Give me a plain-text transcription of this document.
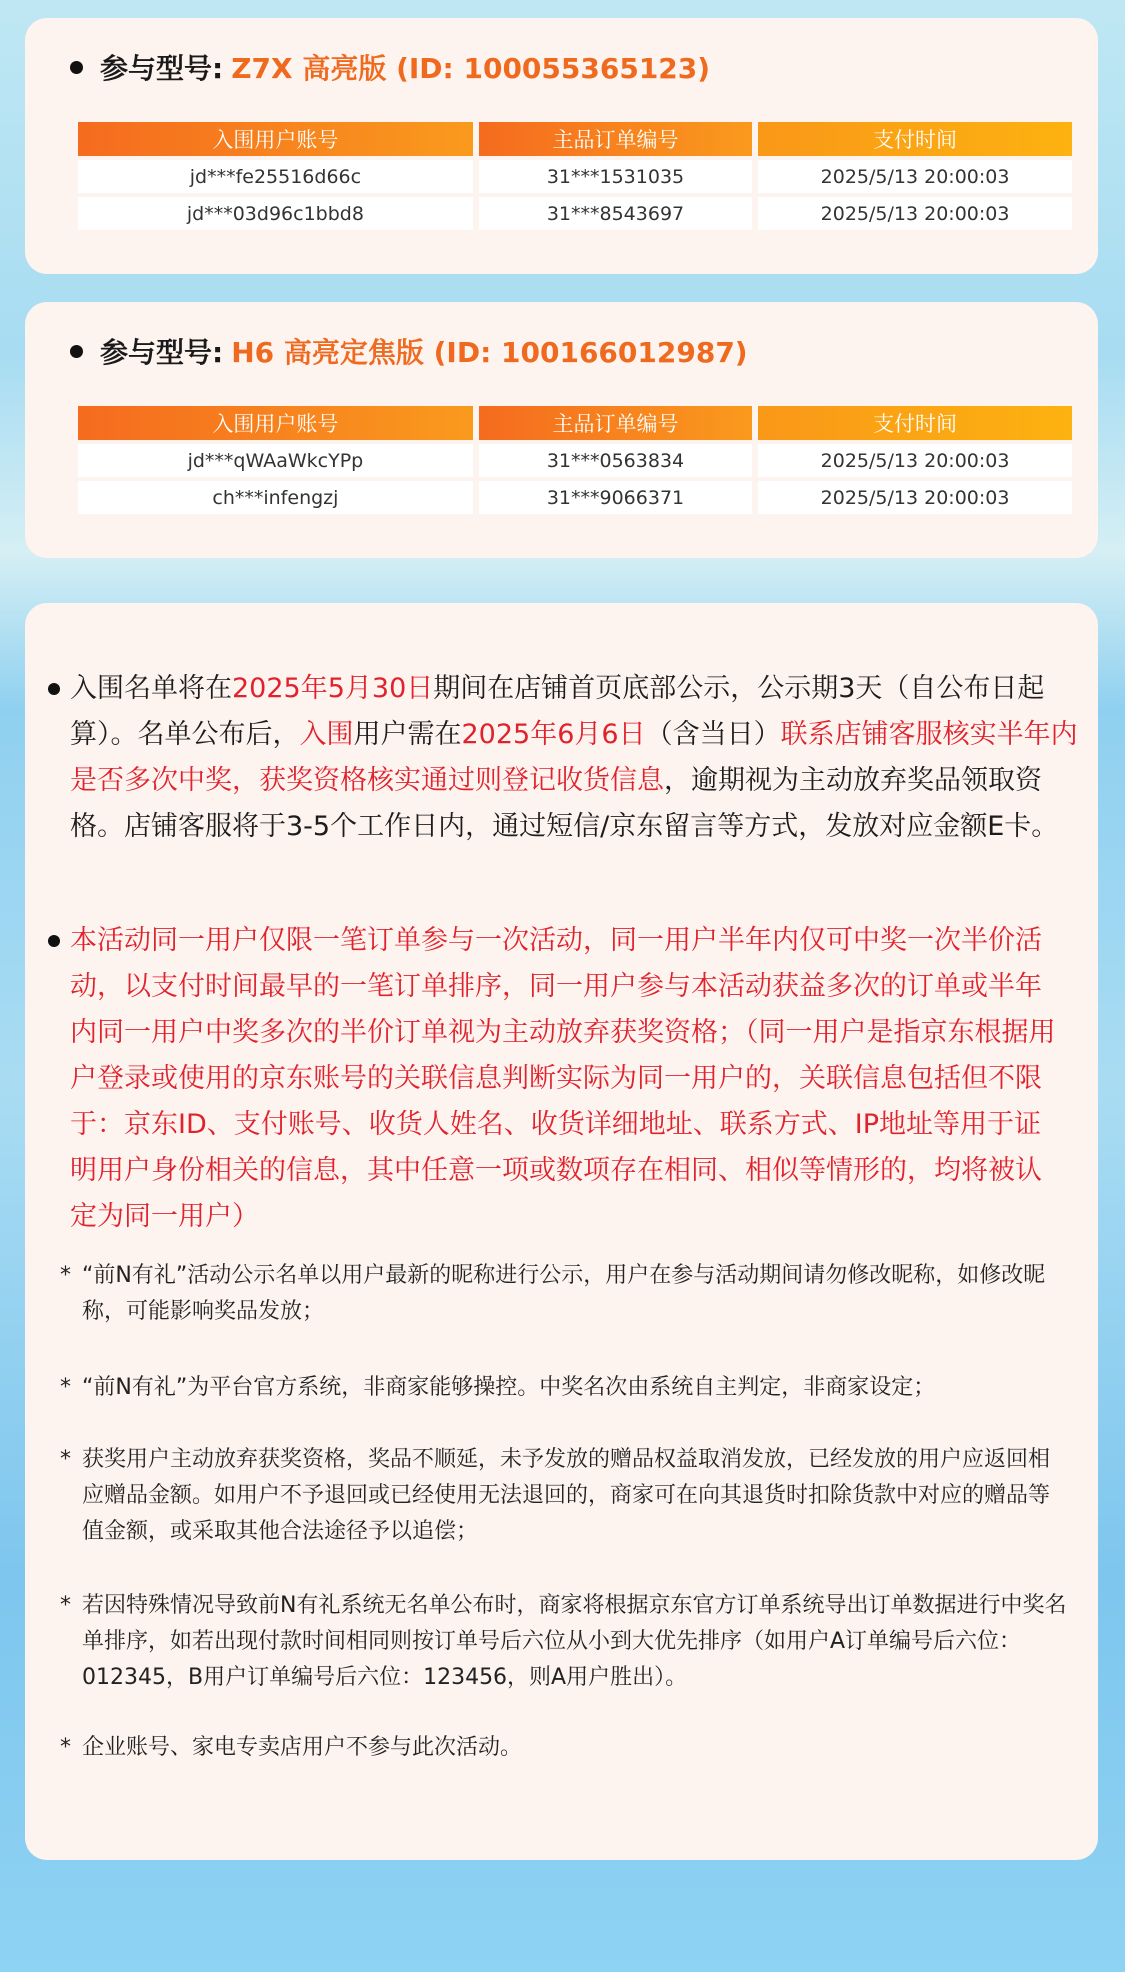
参与型号: Z7X 高亮版 (ID: 100055365123)
入围用户账号	主品订单编号	支付时间
jd***fe25516d66c	31***1531035	2025/5/13 20:00:03
jd***03d96c1bbd8	31***8543697	2025/5/13 20:00:03
参与型号: H6 高亮定焦版 (ID: 100166012987)
入围用户账号	主品订单编号	支付时间
jd***qWAaWkcYPp	31***0563834	2025/5/13 20:00:03
ch***infengzj	31***9066371	2025/5/13 20:00:03
入围名单将在2025年5月30日期间在店铺首页底部公示，公示期3天（自公布日起算）。名单公布后，入围用户需在2025年6月6日（含当日）联系店铺客服核实半年内是否多次中奖，获奖资格核实通过则登记收货信息，逾期视为主动放弃奖品领取资格。店铺客服将于3-5个工作日内，通过短信/京东留言等方式，发放对应金额E卡。
本活动同一用户仅限一笔订单参与一次活动，同一用户半年内仅可中奖一次半价活动，以支付时间最早的一笔订单排序，同一用户参与本活动获益多次的订单或半年内同一用户中奖多次的半价订单视为主动放弃获奖资格；（同一用户是指京东根据用户登录或使用的京东账号的关联信息判断实际为同一用户的，关联信息包括但不限于：京东ID、支付账号、收货人姓名、收货详细地址、联系方式、IP地址等用于证明用户身份相关的信息，其中任意一项或数项存在相同、相似等情形的，均将被认定为同一用户）
* “前N有礼”活动公示名单以用户最新的昵称进行公示，用户在参与活动期间请勿修改昵称，如修改昵称，可能影响奖品发放；
* “前N有礼”为平台官方系统，非商家能够操控。中奖名次由系统自主判定，非商家设定；
* 获奖用户主动放弃获奖资格，奖品不顺延，未予发放的赠品权益取消发放，已经发放的用户应返回相应赠品金额。如用户不予退回或已经使用无法退回的，商家可在向其退货时扣除货款中对应的赠品等值金额，或采取其他合法途径予以追偿；
* 若因特殊情况导致前N有礼系统无名单公布时，商家将根据京东官方订单系统导出订单数据进行中奖名单排序，如若出现付款时间相同则按订单号后六位从小到大优先排序（如用户A订单编号后六位：012345，B用户订单编号后六位：123456，则A用户胜出）。
* 企业账号、家电专卖店用户不参与此次活动。
